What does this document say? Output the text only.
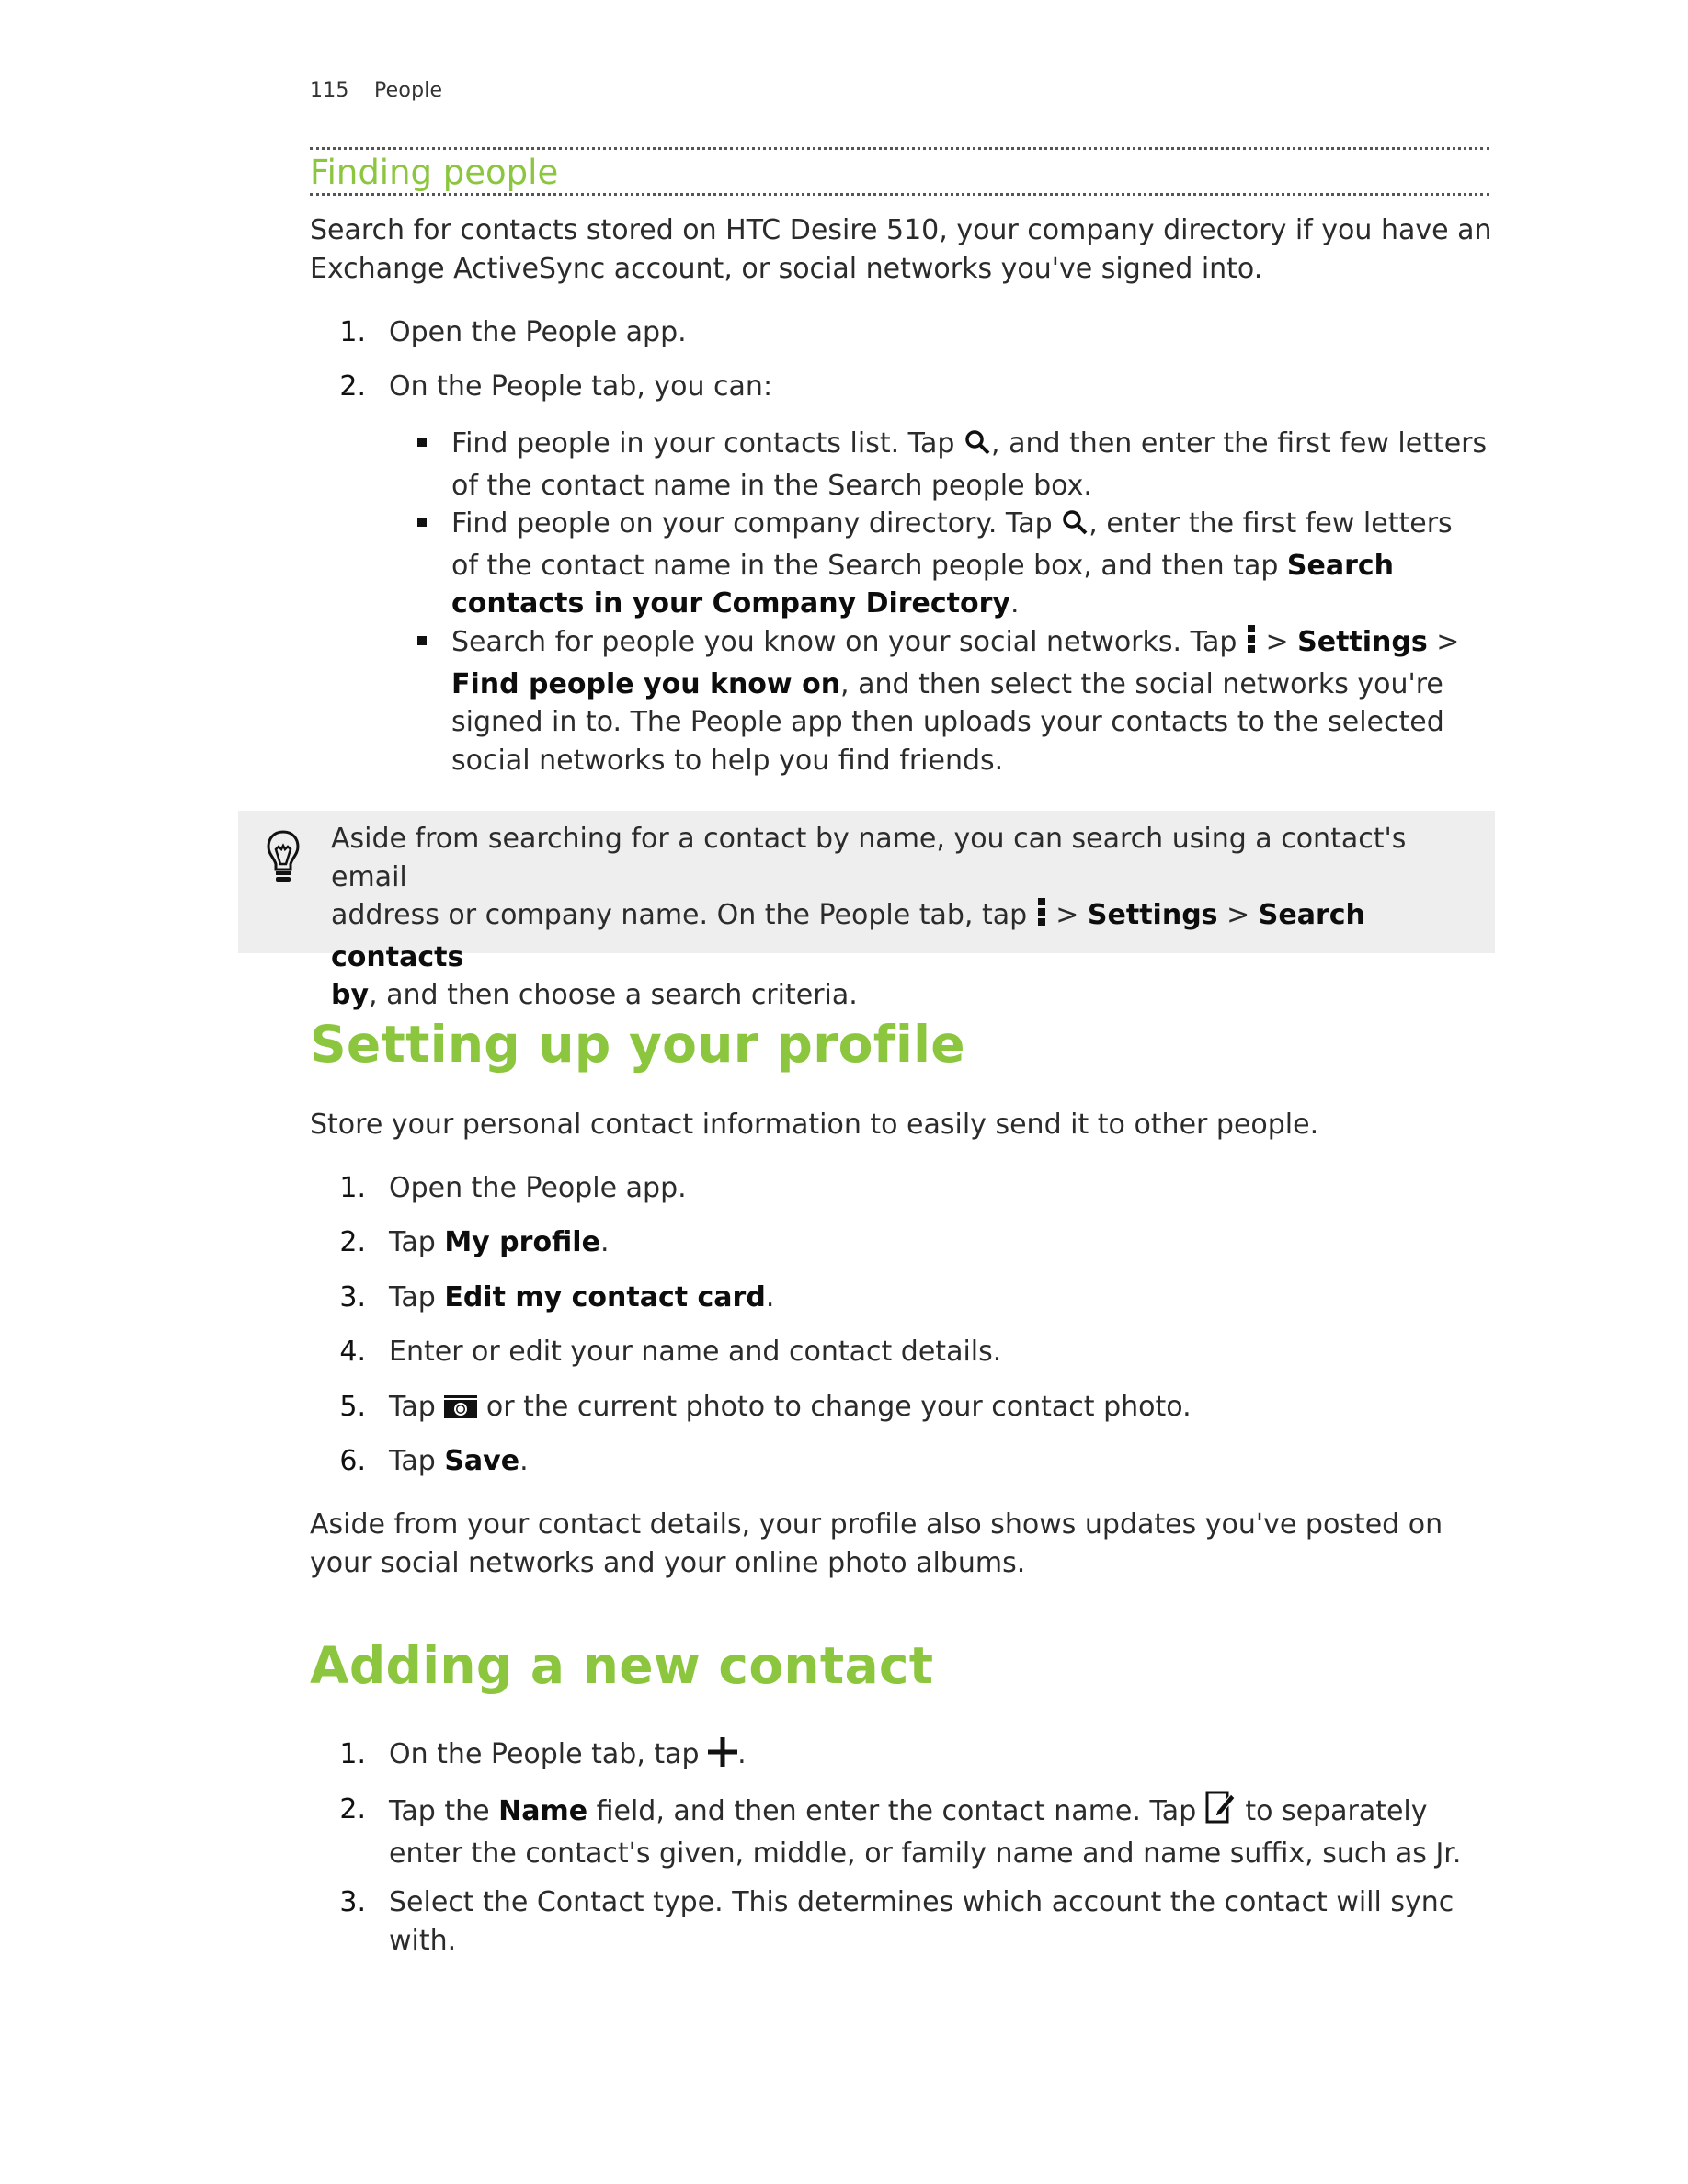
115 People
Finding people

Search for contacts stored on HTC Desire 510, your company directory if you have an
Exchange ActiveSync account, or social networks you've signed into.

1. Open the People app.
2. On the People tab, you can:
Find people in your contacts list. Tap , and then enter the first few letters
of the contact name in the Search people box.
Find people on your company directory. Tap , enter the first few letters
of the contact name in the Search people box, and then tap Search
contacts in your Company Directory.
Search for people you know on your social networks. Tap  > Settings >
Find people you know on, and then select the social networks you're
signed in to. The People app then uploads your contacts to the selected
social networks to help you find friends.
Aside from searching for a contact by name, you can search using a contact's email
address or company name. On the People tab, tap  > Settings > Search contacts
by, and then choose a search criteria.
Setting up your profile

Store your personal contact information to easily send it to other people.

1. Open the People app.
2. Tap My profile.
3. Tap Edit my contact card.
4. Enter or edit your name and contact details.
5. Tap  or the current photo to change your contact photo.
6. Tap Save.

Aside from your contact details, your profile also shows updates you've posted on
your social networks and your online photo albums.

Adding a new contact
1. On the People tab, tap .
2. Tap the Name field, and then enter the contact name. Tap  to separately
enter the contact's given, middle, or family name and name suffix, such as Jr.
3. Select the Contact type. This determines which account the contact will sync
with.
